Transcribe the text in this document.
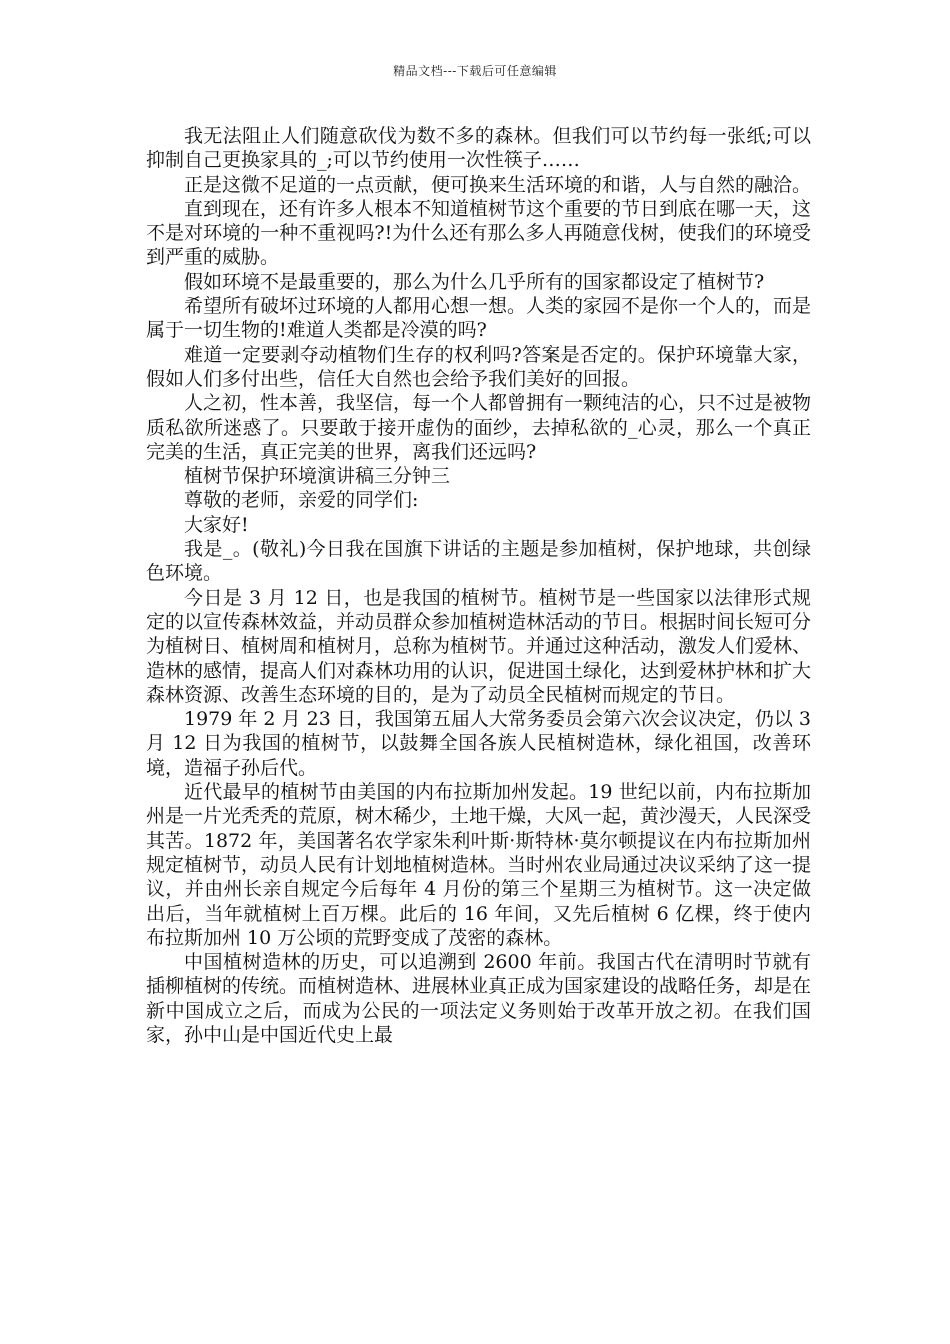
精品文档---下载后可任意编辑

我无法阻止人们随意砍伐为数不多的森林。但我们可以节约每一张纸;可以抑制自己更换家具的_;可以节约使用一次性筷子……

正是这微不足道的一点贡献，便可换来生活环境的和谐，人与自然的融洽。

直到现在，还有许多人根本不知道植树节这个重要的节日到底在哪一天，这不是对环境的一种不重视吗?!为什么还有那么多人再随意伐树，使我们的环境受到严重的威胁。

假如环境不是最重要的，那么为什么几乎所有的国家都设定了植树节?

希望所有破坏过环境的人都用心想一想。人类的家园不是你一个人的，而是属于一切生物的!难道人类都是冷漠的吗?

难道一定要剥夺动植物们生存的权利吗?答案是否定的。保护环境靠大家，假如人们多付出些，信任大自然也会给予我们美好的回报。

人之初，性本善，我坚信，每一个人都曾拥有一颗纯洁的心，只不过是被物质私欲所迷惑了。只要敢于接开虚伪的面纱，去掉私欲的_心灵，那么一个真正完美的生活，真正完美的世界，离我们还远吗?

植树节保护环境演讲稿三分钟三

尊敬的老师，亲爱的同学们:

大家好!

我是_。(敬礼)今日我在国旗下讲话的主题是参加植树，保护地球，共创绿色环境。

今日是 3 月 12 日，也是我国的植树节。植树节是一些国家以法律形式规定的以宣传森林效益，并动员群众参加植树造林活动的节日。根据时间长短可分为植树日、植树周和植树月，总称为植树节。并通过这种活动，激发人们爱林、造林的感情，提高人们对森林功用的认识，促进国土绿化，达到爱林护林和扩大森林资源、改善生态环境的目的，是为了动员全民植树而规定的节日。

1979 年 2 月 23 日，我国第五届人大常务委员会第六次会议决定，仍以 3 月 12 日为我国的植树节，以鼓舞全国各族人民植树造林，绿化祖国，改善环境，造福子孙后代。

近代最早的植树节由美国的内布拉斯加州发起。19 世纪以前，内布拉斯加州是一片光秃秃的荒原，树木稀少，土地干燥，大风一起，黄沙漫天，人民深受其苦。1872 年，美国著名农学家朱利叶斯·斯特林·莫尔顿提议在内布拉斯加州规定植树节，动员人民有计划地植树造林。当时州农业局通过决议采纳了这一提议，并由州长亲自规定今后每年 4 月份的第三个星期三为植树节。这一决定做出后，当年就植树上百万棵。此后的 16 年间，又先后植树 6 亿棵，终于使内布拉斯加州 10 万公顷的荒野变成了茂密的森林。

中国植树造林的历史，可以追溯到 2600 年前。我国古代在清明时节就有插柳植树的传统。而植树造林、进展林业真正成为国家建设的战略任务，却是在新中国成立之后，而成为公民的一项法定义务则始于改革开放之初。在我们国家，孙中山是中国近代史上最
